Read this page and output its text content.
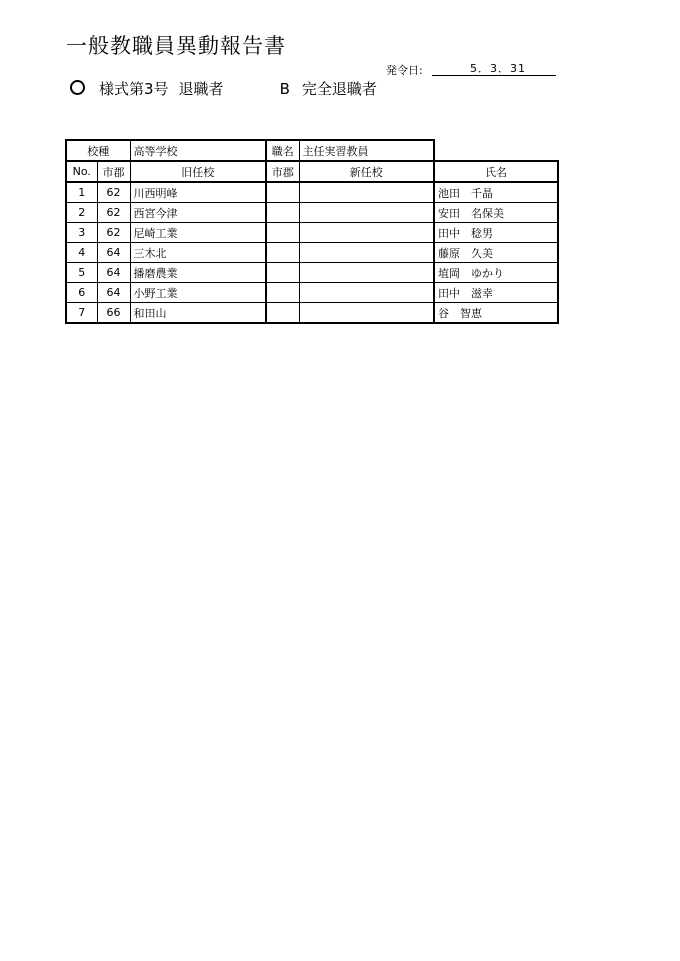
一般教職員異動報告書
発令日:	5．3．31

様式第3号 退職者	B 完全退職者
校種		高等学校	職名	主任実習教員	
No.	市郡	旧任校	市郡	新任校	氏名
1	62	川西明峰			池田　千晶
2	62	西宮今津			安田　名保美
3	62	尼崎工業			田中　稔男
4	64	三木北			藤原　久美
5	64	播磨農業			埴岡　ゆかり
6	64	小野工業			田中　滋幸
7	66	和田山			谷　智恵
